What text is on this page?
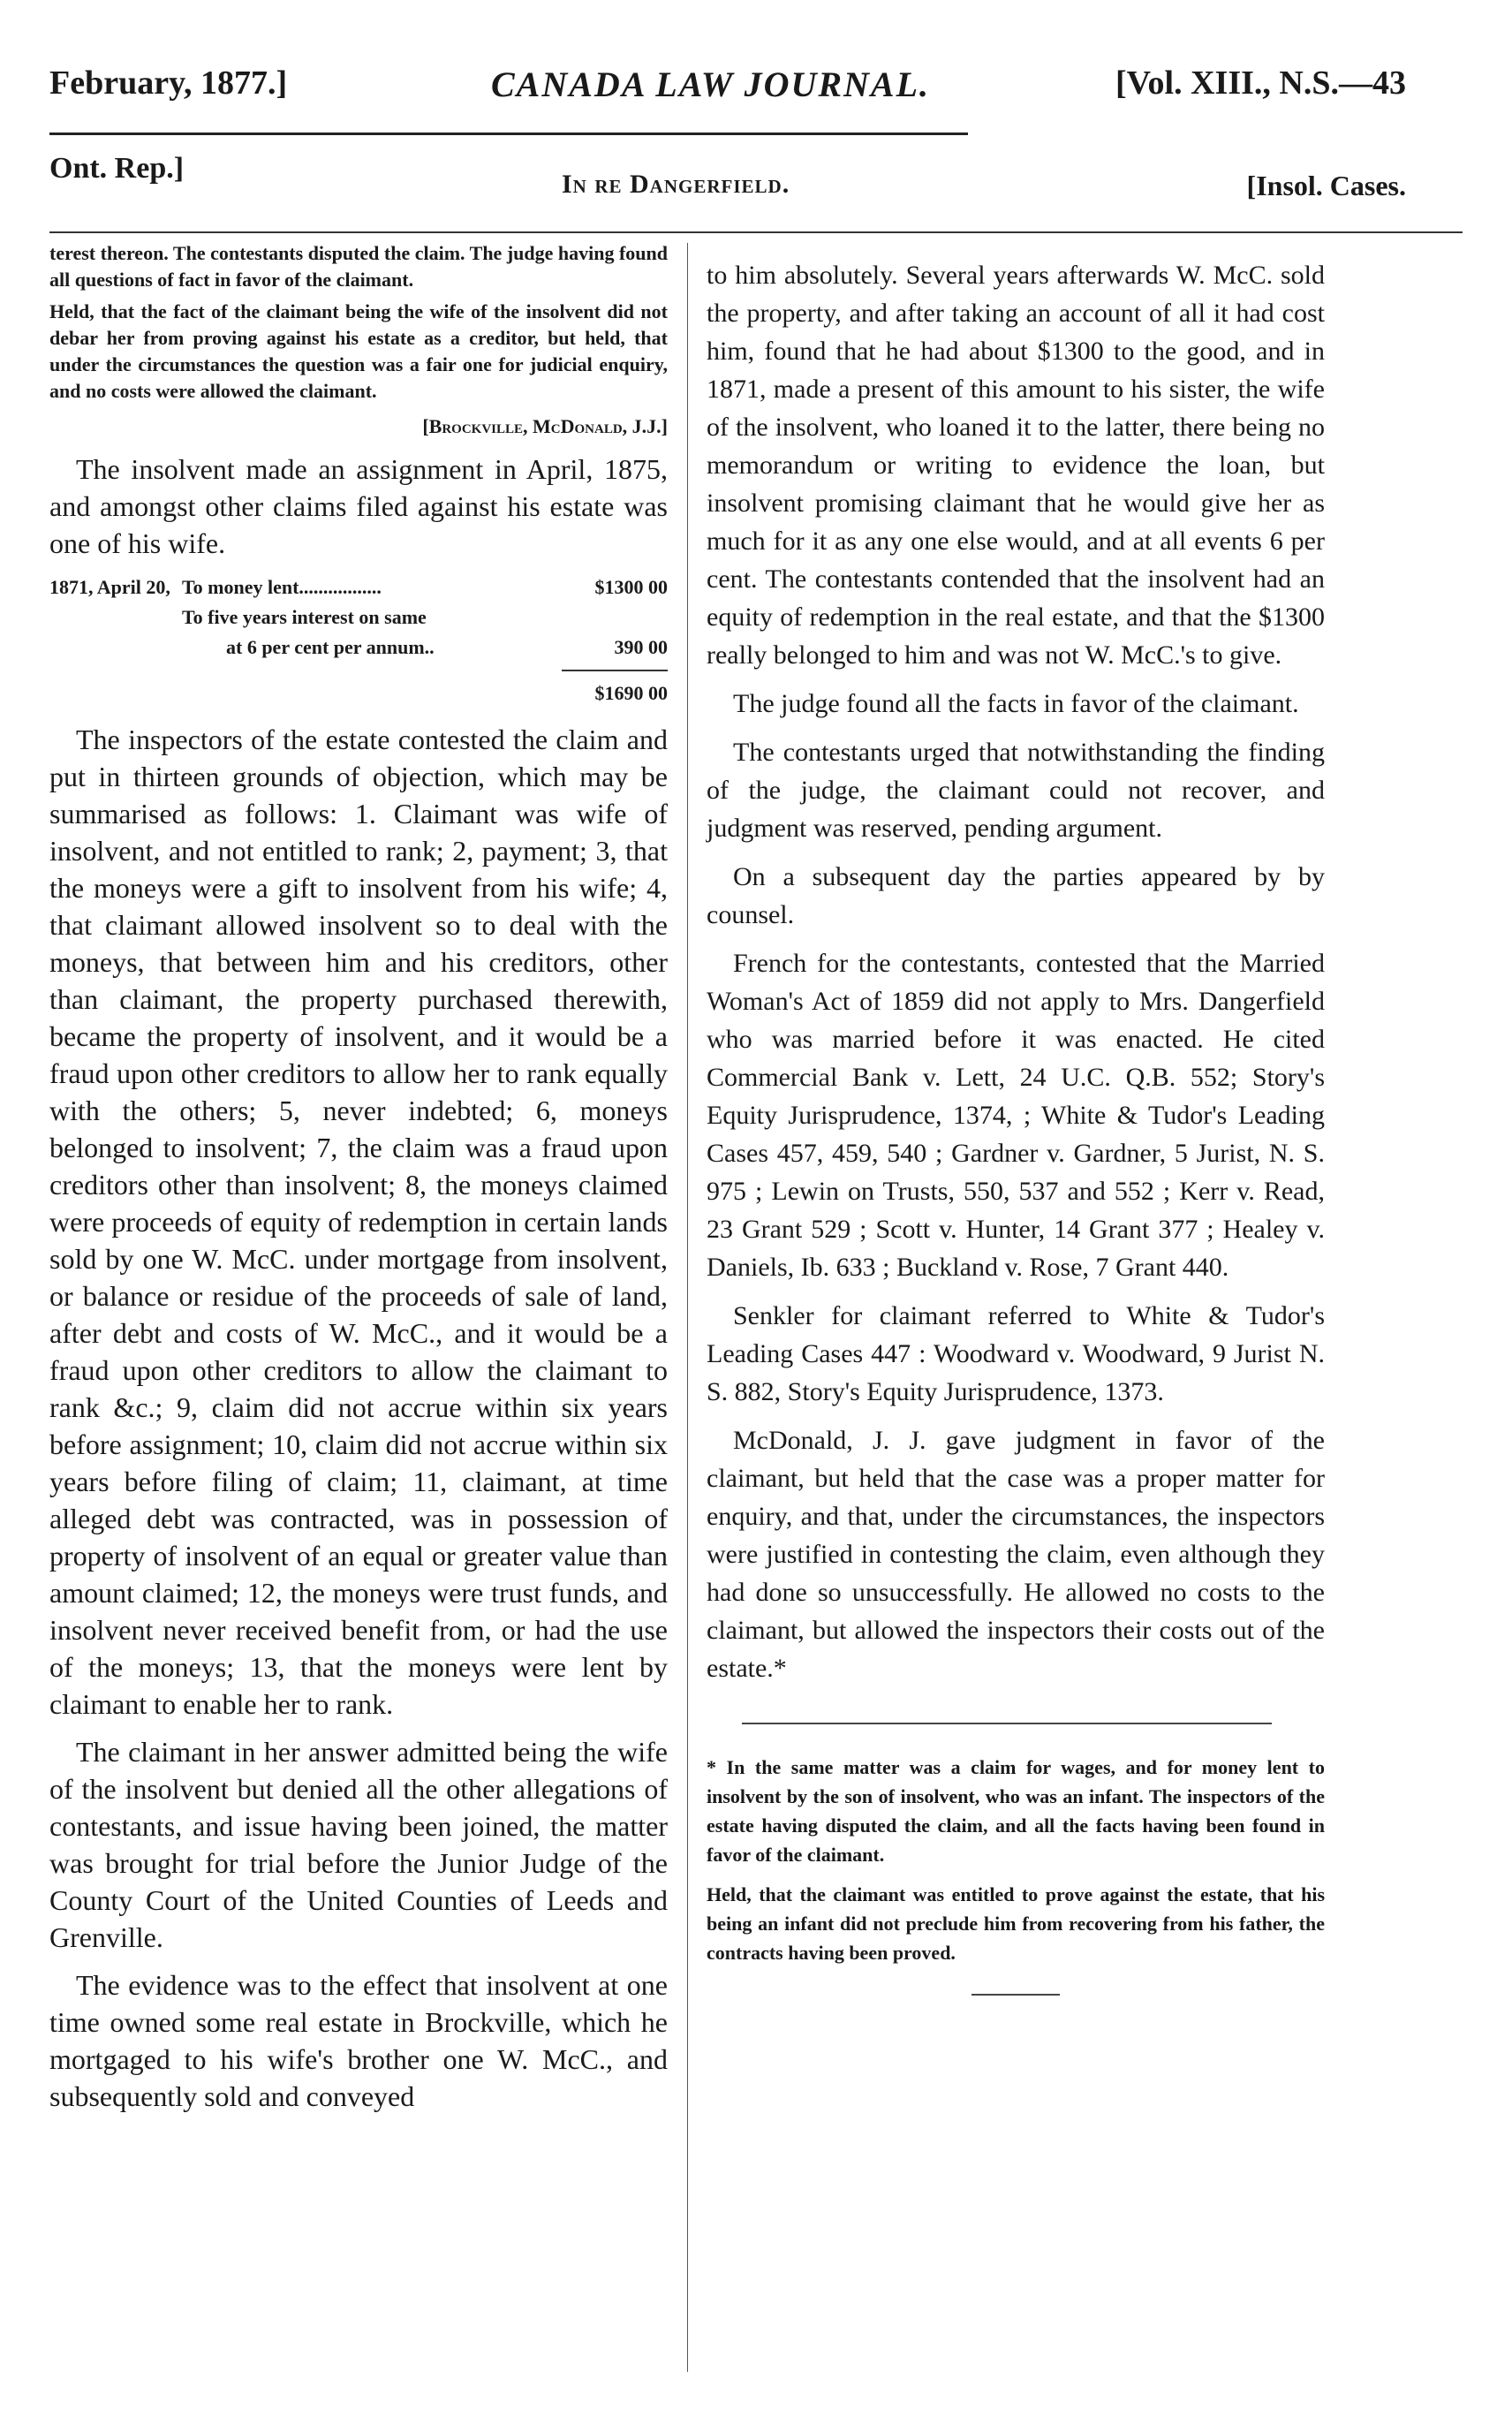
February, 1877.]	CANADA LAW JOURNAL.	[Vol. XIII., N.S.—43
Ont. Rep.]	In re Dangerfield.	[Insol. Cases.

terest thereon. The contestants disputed the claim. The judge having found all questions of fact in favor of the claimant.

Held, that the fact of the claimant being the wife of the insolvent did not debar her from proving against his estate as a creditor, but held, that under the circumstances the question was a fair one for judicial enquiry, and no costs were allowed the claimant.

[Brockville, McDonald, J.J.]

The insolvent made an assignment in April, 1875, and amongst other claims filed against his estate was one of his wife.

1871, April 20, To money lent.................	$1300 00
To five years interest on same
at 6 per cent per annum..	390 00
$1690 00

The inspectors of the estate contested the claim and put in thirteen grounds of objection, which may be summarised as follows: 1. Claimant was wife of insolvent, and not entitled to rank; 2, payment; 3, that the moneys were a gift to insolvent from his wife; 4, that claimant allowed insolvent so to deal with the moneys, that between him and his creditors, other than claimant, the property purchased therewith, became the property of insolvent, and it would be a fraud upon other creditors to allow her to rank equally with the others; 5, never indebted; 6, moneys belonged to insolvent; 7, the claim was a fraud upon creditors other than insolvent; 8, the moneys claimed were proceeds of equity of redemption in certain lands sold by one W. McC. under mortgage from insolvent, or balance or residue of the proceeds of sale of land, after debt and costs of W. McC., and it would be a fraud upon other creditors to allow the claimant to rank &c.; 9, claim did not accrue within six years before assignment; 10, claim did not accrue within six years before filing of claim; 11, claimant, at time alleged debt was contracted, was in possession of property of insolvent of an equal or greater value than amount claimed; 12, the moneys were trust funds, and insolvent never received benefit from, or had the use of the moneys; 13, that the moneys were lent by claimant to enable her to rank.

The claimant in her answer admitted being the wife of the insolvent but denied all the other allegations of contestants, and issue having been joined, the matter was brought for trial before the Junior Judge of the County Court of the United Counties of Leeds and Grenville.

The evidence was to the effect that insolvent at one time owned some real estate in Brockville, which he mortgaged to his wife's brother one W. McC., and subsequently sold and conveyed

to him absolutely. Several years afterwards W. McC. sold the property, and after taking an account of all it had cost him, found that he had about $1300 to the good, and in 1871, made a present of this amount to his sister, the wife of the insolvent, who loaned it to the latter, there being no memorandum or writing to evidence the loan, but insolvent promising claimant that he would give her as much for it as any one else would, and at all events 6 per cent. The contestants contended that the insolvent had an equity of redemption in the real estate, and that the $1300 really belonged to him and was not W. McC.'s to give.

The judge found all the facts in favor of the claimant.

The contestants urged that notwithstanding the finding of the judge, the claimant could not recover, and judgment was reserved, pending argument.

On a subsequent day the parties appeared by by counsel.

French for the contestants, contested that the Married Woman's Act of 1859 did not apply to Mrs. Dangerfield who was married before it was enacted. He cited Commercial Bank v. Lett, 24 U.C. Q.B. 552; Story's Equity Jurisprudence, 1374, ; White & Tudor's Leading Cases 457, 459, 540 ; Gardner v. Gardner, 5 Jurist, N. S. 975 ; Lewin on Trusts, 550, 537 and 552 ; Kerr v. Read, 23 Grant 529 ; Scott v. Hunter, 14 Grant 377 ; Healey v. Daniels, Ib. 633 ; Buckland v. Rose, 7 Grant 440.

Senkler for claimant referred to White & Tudor's Leading Cases 447 : Woodward v. Woodward, 9 Jurist N. S. 882, Story's Equity Jurisprudence, 1373.

McDonald, J. J. gave judgment in favor of the claimant, but held that the case was a proper matter for enquiry, and that, under the circumstances, the inspectors were justified in contesting the claim, even although they had done so unsuccessfully. He allowed no costs to the claimant, but allowed the inspectors their costs out of the estate.*

* In the same matter was a claim for wages, and for money lent to insolvent by the son of insolvent, who was an infant. The inspectors of the estate having disputed the claim, and all the facts having been found in favor of the claimant.

Held, that the claimant was entitled to prove against the estate, that his being an infant did not preclude him from recovering from his father, the contracts having been proved.
